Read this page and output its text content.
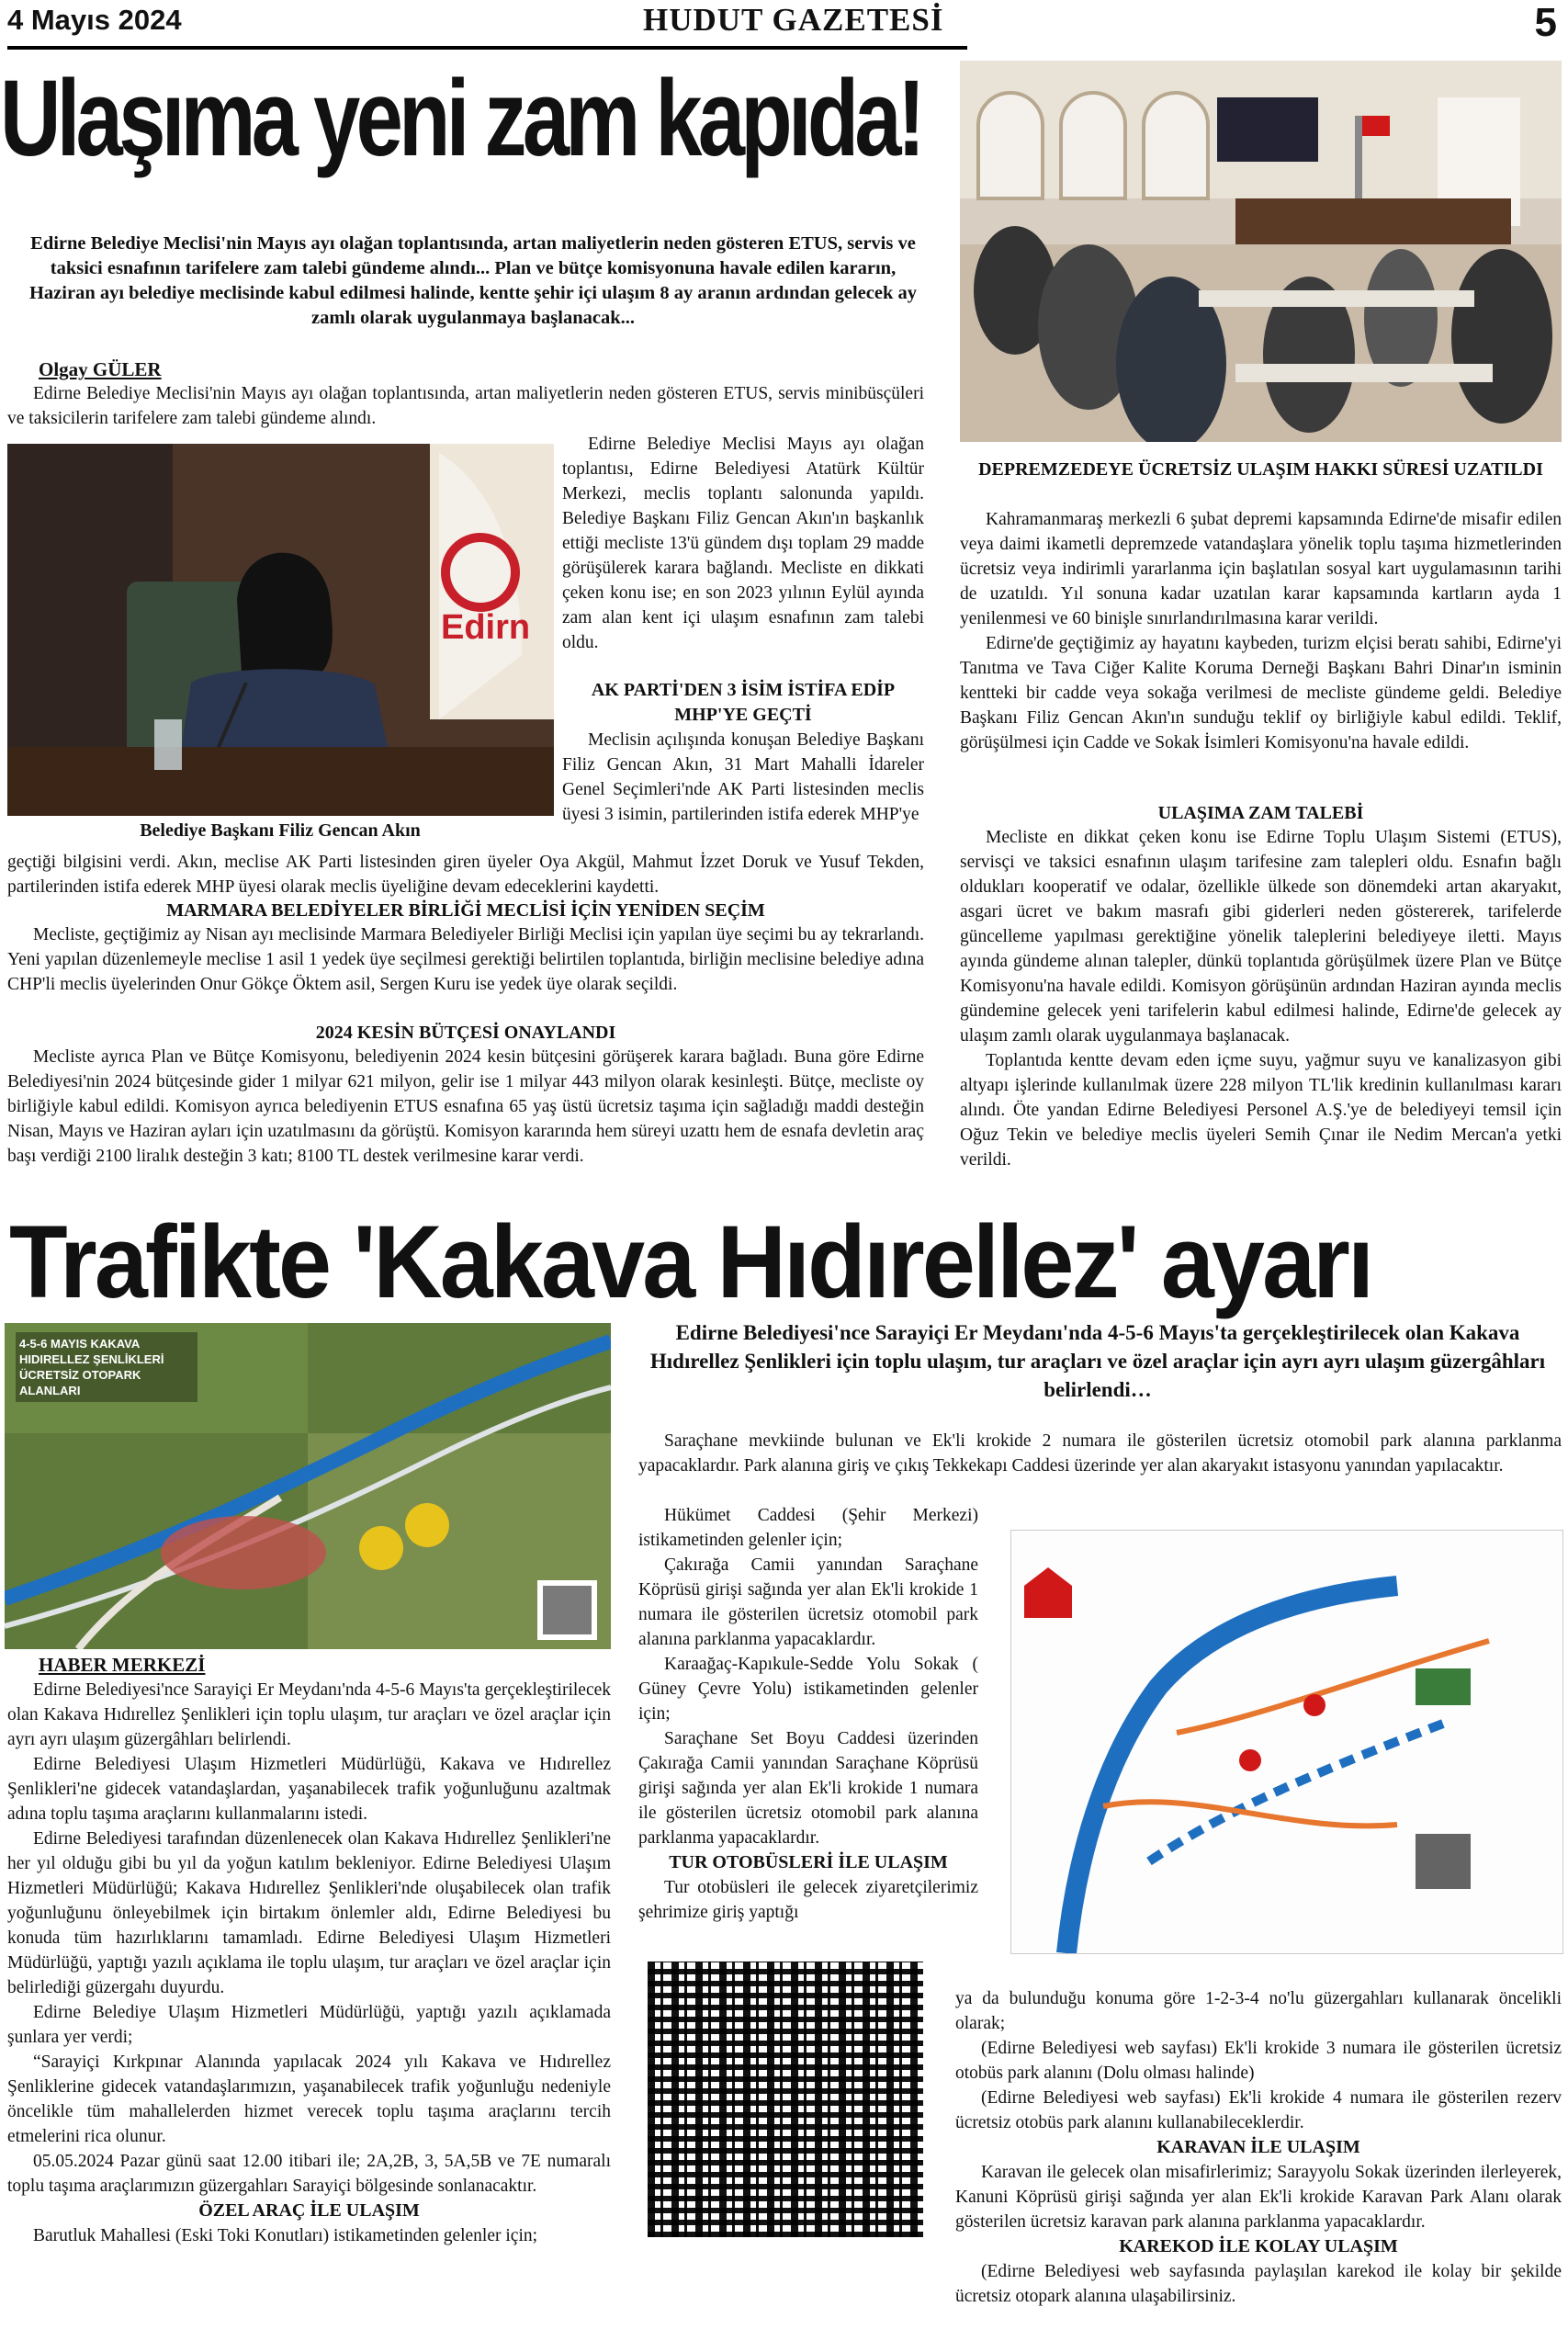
4 Mayıs 2024	HUDUT GAZETESİ	5
Ulaşıma yeni zam kapıda!
Edirne Belediye Meclisi'nin Mayıs ayı olağan toplantısında, artan maliyetlerin neden gösteren ETUS, servis ve taksici esnafının tarifelere zam talebi gündeme alındı... Plan ve bütçe komisyonuna havale edilen kararın, Haziran ayı belediye meclisinde kabul edilmesi halinde, kentte şehir içi ulaşım 8 ay aranın ardından gelecek ay zamlı olarak uygulanmaya başlanacak...
Olgay GÜLER

Edirne Belediye Meclisi'nin Mayıs ayı olağan toplantısında, artan maliyetlerin neden gösteren ETUS, servis minibüsçüleri ve taksicilerin tarifelere zam talebi gündeme alındı.

Edirn
Belediye Başkanı Filiz Gencan Akın

Edirne Belediye Meclisi Mayıs ayı olağan toplantısı, Edirne Belediyesi Atatürk Kültür Merkezi, meclis toplantı salonunda yapıldı. Belediye Başkanı Filiz Gencan Akın'ın başkanlık ettiği mecliste 13'ü gündem dışı toplam 29 madde görüşülerek karara bağlandı. Mecliste en dikkati çeken konu ise; en son 2023 yılının Eylül ayında zam alan kent içi ulaşım esnafının zam talebi oldu.

AK PARTİ'DEN 3 İSİM İSTİFA EDİP MHP'YE GEÇTİ

Meclisin açılışında konuşan Belediye Başkanı Filiz Gencan Akın, 31 Mart Mahalli İdareler Genel Seçimleri'nde AK Parti listesinden meclis üyesi 3 isimin, partilerinden istifa ederek MHP'ye

geçtiği bilgisini verdi. Akın, meclise AK Parti listesinden giren üyeler Oya Akgül, Mahmut İzzet Doruk ve Yusuf Tekden, partilerinden istifa ederek MHP üyesi olarak meclis üyeliğine devam edeceklerini kaydetti.

MARMARA BELEDİYELER BİRLİĞİ MECLİSİ İÇİN YENİDEN SEÇİM

Mecliste, geçtiğimiz ay Nisan ayı meclisinde Marmara Belediyeler Birliği Meclisi için yapılan üye seçimi bu ay tekrarlandı. Yeni yapılan düzenlemeyle meclise 1 asil 1 yedek üye seçilmesi gerektiği belirtilen toplantıda, birliğin meclisine belediye adına CHP'li meclis üyelerinden Onur Gökçe Öktem asil, Sergen Kuru ise yedek üye olarak seçildi.

2024 KESİN BÜTÇESİ ONAYLANDI

Mecliste ayrıca Plan ve Bütçe Komisyonu, belediyenin 2024 kesin bütçesini görüşerek karara bağladı. Buna göre Edirne Belediyesi'nin 2024 bütçesinde gider 1 milyar 621 milyon, gelir ise 1 milyar 443 milyon olarak kesinleşti. Bütçe, mecliste oy birliğiyle kabul edildi. Komisyon ayrıca belediyenin ETUS esnafına 65 yaş üstü ücretsiz taşıma için sağladığı maddi desteğin Nisan, Mayıs ve Haziran ayları için uzatılmasını da görüştü. Komisyon kararında hem süreyi uzattı hem de esnafa devletin araç başı verdiği 2100 liralık desteğin 3 katı; 8100 TL destek verilmesine karar verdi.

DEPREMZEDEYE ÜCRETSİZ ULAŞIM HAKKI SÜRESİ UZATILDI

Kahramanmaraş merkezli 6 şubat depremi kapsamında Edirne'de misafir edilen veya daimi ikametli depremzede vatandaşlara yönelik toplu taşıma hizmetlerinden ücretsiz veya indirimli yararlanma için başlatılan sosyal kart uygulamasının tarihi de uzatıldı. Yıl sonuna kadar uzatılan karar kapsamında kartların ayda 1 yenilenmesi ve 60 binişle sınırlandırılmasına karar verildi.

Edirne'de geçtiğimiz ay hayatını kaybeden, turizm elçisi beratı sahibi, Edirne'yi Tanıtma ve Tava Ciğer Kalite Koruma Derneği Başkanı Bahri Dinar'ın isminin kentteki bir cadde veya sokağa verilmesi de mecliste gündeme geldi. Belediye Başkanı Filiz Gencan Akın'ın sunduğu teklif oy birliğiyle kabul edildi. Teklif, görüşülmesi için Cadde ve Sokak İsimleri Komisyonu'na havale edildi.

ULAŞIMA ZAM TALEBİ

Mecliste en dikkat çeken konu ise Edirne Toplu Ulaşım Sistemi (ETUS), servisçi ve taksici esnafının ulaşım tarifesine zam talepleri oldu. Esnafın bağlı oldukları kooperatif ve odalar, özellikle ülkede son dönemdeki artan akaryakıt, asgari ücret ve bakım masrafı gibi giderleri neden göstererek, tarifelerde güncelleme yapılması gerektiğine yönelik taleplerini belediyeye iletti. Mayıs ayında gündeme alınan talepler, dünkü toplantıda görüşülmek üzere Plan ve Bütçe Komisyonu'na havale edildi. Komisyon görüşünün ardından Haziran ayında meclis gündemine gelecek yeni tarifelerin kabul edilmesi halinde, Edirne'de gelecek ay ulaşım zamlı olarak uygulanmaya başlanacak.

Toplantıda kentte devam eden içme suyu, yağmur suyu ve kanalizasyon gibi altyapı işlerinde kullanılmak üzere 228 milyon TL'lik kredinin kullanılması kararı alındı. Öte yandan Edirne Belediyesi Personel A.Ş.'ye de belediyeyi temsil için Oğuz Tekin ve belediye meclis üyeleri Semih Çınar ile Nedim Mercan'a yetki verildi.

Trafikte 'Kakava Hıdırellez' ayarı
4-5-6 MAYIS KAKAVA HIDIRELLEZ ŞENLİKLERİ ÜCRETSİZ OTOPARK ALANLARI
Edirne Belediyesi'nce Sarayiçi Er Meydanı'nda 4-5-6 Mayıs'ta gerçekleştirilecek olan Kakava Hıdırellez Şenlikleri için toplu ulaşım, tur araçları ve özel araçlar için ayrı ayrı ulaşım güzergâhları belirlendi…
HABER MERKEZİ

Edirne Belediyesi'nce Sarayiçi Er Meydanı'nda 4-5-6 Mayıs'ta gerçekleştirilecek olan Kakava Hıdırellez Şenlikleri için toplu ulaşım, tur araçları ve özel araçlar için ayrı ayrı ulaşım güzergâhları belirlendi.

Edirne Belediyesi Ulaşım Hizmetleri Müdürlüğü, Kakava ve Hıdırellez Şenlikleri'ne gidecek vatandaşlardan, yaşanabilecek trafik yoğunluğunu azaltmak adına toplu taşıma araçlarını kullanmalarını istedi.

Edirne Belediyesi tarafından düzenlenecek olan Kakava Hıdırellez Şenlikleri'ne her yıl olduğu gibi bu yıl da yoğun katılım bekleniyor. Edirne Belediyesi Ulaşım Hizmetleri Müdürlüğü; Kakava Hıdırellez Şenlikleri'nde oluşabilecek olan trafik yoğunluğunu önleyebilmek için birtakım önlemler aldı, Edirne Belediyesi bu konuda tüm hazırlıklarını tamamladı. Edirne Belediyesi Ulaşım Hizmetleri Müdürlüğü, yaptığı yazılı açıklama ile toplu ulaşım, tur araçları ve özel araçlar için belirlediği güzergahı duyurdu.

Edirne Belediye Ulaşım Hizmetleri Müdürlüğü, yaptığı yazılı açıklamada şunlara yer verdi;

“Sarayiçi Kırkpınar Alanında yapılacak 2024 yılı Kakava ve Hıdırellez Şenliklerine gidecek vatandaşlarımızın, yaşanabilecek trafik yoğunluğu nedeniyle öncelikle tüm mahallelerden hizmet verecek toplu taşıma araçlarını tercih etmelerini rica olunur.

05.05.2024 Pazar günü saat 12.00 itibari ile; 2A,2B, 3, 5A,5B ve 7E numaralı toplu taşıma araçlarımızın güzergahları Sarayiçi bölgesinde sonlanacaktır.

ÖZEL ARAÇ İLE ULAŞIM

Barutluk Mahallesi (Eski Toki Konutları) istikametinden gelenler için;

Saraçhane mevkiinde bulunan ve Ek'li krokide 2 numara ile gösterilen ücretsiz otomobil park alanına parklanma yapacaklardır. Park alanına giriş ve çıkış Tekkekapı Caddesi üzerinde yer alan akaryakıt istasyonu yanından yapılacaktır.

Hükümet Caddesi (Şehir Merkezi) istikametinden gelenler için;

Çakırağa Camii yanından Saraçhane Köprüsü girişi sağında yer alan Ek'li krokide 1 numara ile gösterilen ücretsiz otomobil park alanına parklanma yapacaklardır.

Karaağaç-Kapıkule-Sedde Yolu Sokak ( Güney Çevre Yolu) istikametinden gelenler için;

Saraçhane Set Boyu Caddesi üzerinden Çakırağa Camii yanından Saraçhane Köprüsü girişi sağında yer alan Ek'li krokide 1 numara ile gösterilen ücretsiz otomobil park alanına parklanma yapacaklardır.

TUR OTOBÜSLERİ İLE ULAŞIM

Tur otobüsleri ile gelecek ziyaretçilerimiz şehrimize giriş yaptığı

ya da bulunduğu konuma göre 1-2-3-4 no'lu güzergahları kullanarak öncelikli olarak;

(Edirne Belediyesi web sayfası) Ek'li krokide 3 numara ile gösterilen ücretsiz otobüs park alanını (Dolu olması halinde)

(Edirne Belediyesi web sayfası) Ek'li krokide 4 numara ile gösterilen rezerv ücretsiz otobüs park alanını kullanabileceklerdir.

KARAVAN İLE ULAŞIM

Karavan ile gelecek olan misafirlerimiz; Sarayyolu Sokak üzerinden ilerleyerek, Kanuni Köprüsü girişi sağında yer alan Ek'li krokide Karavan Park Alanı olarak gösterilen ücretsiz karavan park alanına parklanma yapacaklardır.

KAREKOD İLE KOLAY ULAŞIM

(Edirne Belediyesi web sayfasında paylaşılan karekod ile kolay bir şekilde ücretsiz otopark alanına ulaşabilirsiniz.
